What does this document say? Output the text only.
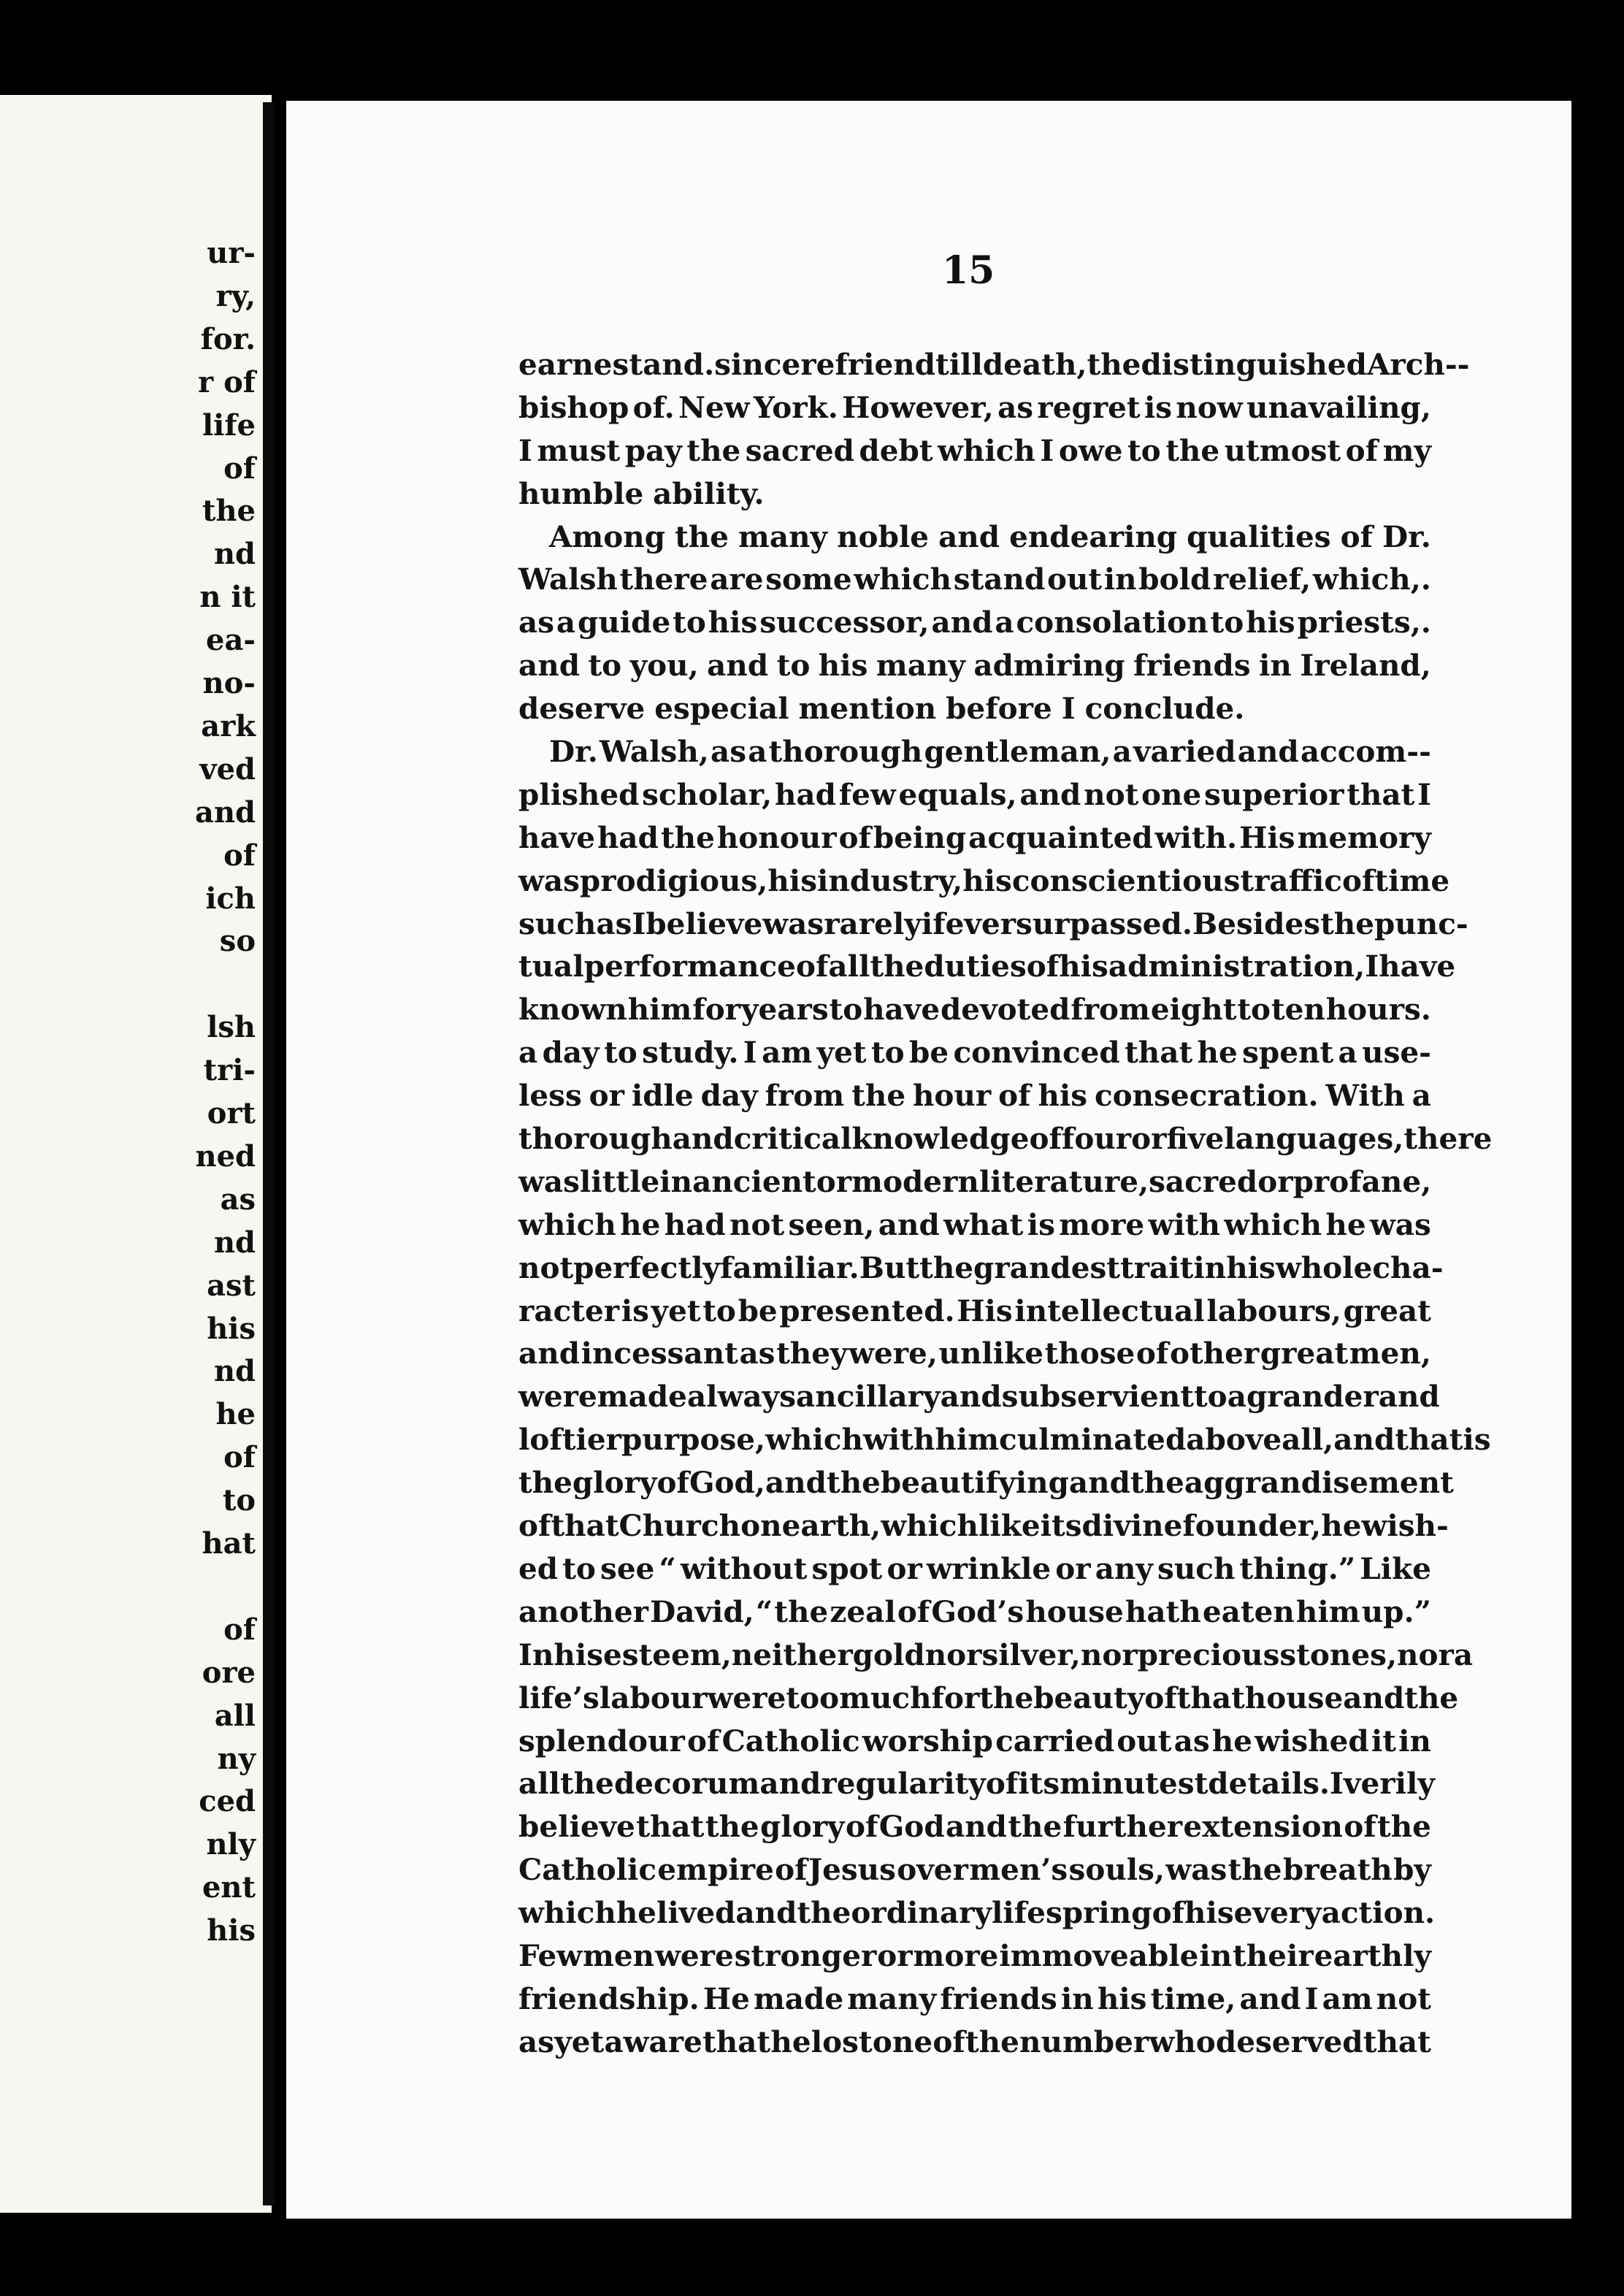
ur-
ry,
for.
r of
life
of
the
nd
n it
ea-
no-
ark
ved
and
of
ich
so
lsh
tri-
ort
ned
as
nd
ast
his
nd
he
of
to
hat
of
ore
all
ny
ced
nly
ent
his
15
earnest and. sincere friend till death, the distinguished Arch--
bishop of. New York. However, as regret is now unavailing,
I must pay the sacred debt which I owe to the utmost of my
humble ability.
Among the many noble and endearing qualities of Dr.
Walsh there are some which stand out in bold relief, which,.
as a guide to his successor, and a consolation to his priests,.
and to you, and to his many admiring friends in Ireland,
deserve especial mention before I conclude.
Dr. Walsh, as a thorough gentleman, a varied and accom--
plished scholar, had few equals, and not one superior that I
have had the honour of being acquainted with. His memory
was prodigious, his industry, his conscientious traffic of time
such as I believe was rarely if ever surpassed. Besides the punc-
tual performance of all the duties of his administration, I have
known him for years to have devoted from eight to ten hours.
a day to study. I am yet to be convinced that he spent a use-
less or idle day from the hour of his consecration. With a
thorough and critical knowledge of four or five languages, there
was little in ancient or modern literature, sacred or profane,
which he had not seen, and what is more with which he was
not perfectly familiar. But the grandest trait in his whole cha-
racter is yet to be presented. His intellectual labours, great
and incessant as they were, unlike those of other great men,
were made always ancillary and subservient to a grander and
loftier purpose, which with him culminated above all, and that is
the glory of God, and the beautifying and the aggrandisement
of that Church on earth, which like its divine founder, he wish-
ed to see “ without spot or wrinkle or any such thing.” Like
another David, “ the zeal of God’s house hath eaten him up.”
In his esteem, neither gold nor silver, nor precious stones, nor a
life’s labour were too much for the beauty of that house and the
splendour of Catholic worship carried out as he wished it in
all the decorum and regularity of its minutest details. I verily
believe that the glory of God and the further extension of the
Catholic empire of Jesus over men’s souls, was the breath by
which he lived and the ordinary life spring of his every action.
Few men were stronger or more immoveable in their earthly
friendship. He made many friends in his time, and I am not
as yet aware that he lost one of the number who deserved that
